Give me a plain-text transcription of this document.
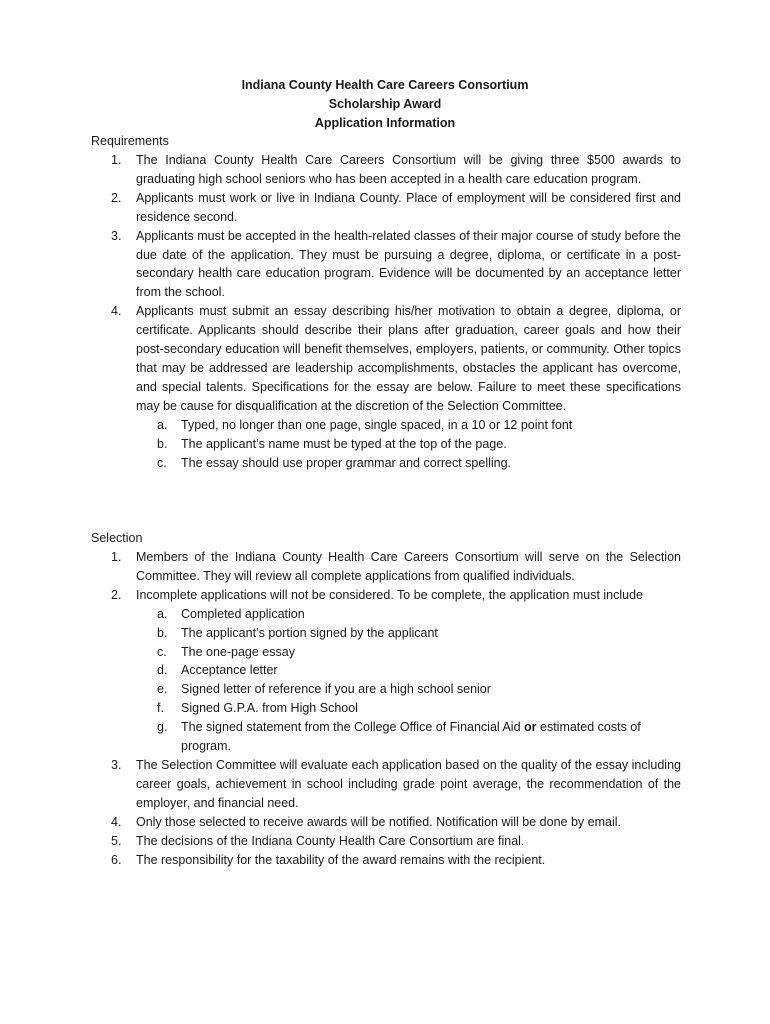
Indiana County Health Care Careers Consortium
Scholarship Award
Application Information
Requirements
1. The Indiana County Health Care Careers Consortium will be giving three $500 awards to graduating high school seniors who has been accepted in a health care education program.
2. Applicants must work or live in Indiana County. Place of employment will be considered first and residence second.
3. Applicants must be accepted in the health-related classes of their major course of study before the due date of the application. They must be pursuing a degree, diploma, or certificate in a post-secondary health care education program. Evidence will be documented by an acceptance letter from the school.
4. Applicants must submit an essay describing his/her motivation to obtain a degree, diploma, or certificate. Applicants should describe their plans after graduation, career goals and how their post-secondary education will benefit themselves, employers, patients, or community. Other topics that may be addressed are leadership accomplishments, obstacles the applicant has overcome, and special talents. Specifications for the essay are below. Failure to meet these specifications may be cause for disqualification at the discretion of the Selection Committee.
a. Typed, no longer than one page, single spaced, in a 10 or 12 point font
b. The applicant’s name must be typed at the top of the page.
c. The essay should use proper grammar and correct spelling.
Selection
1. Members of the Indiana County Health Care Careers Consortium will serve on the Selection Committee. They will review all complete applications from qualified individuals.
2. Incomplete applications will not be considered. To be complete, the application must include
a. Completed application
b. The applicant’s portion signed by the applicant
c. The one-page essay
d. Acceptance letter
e. Signed letter of reference if you are a high school senior
f. Signed G.P.A. from High School
g. The signed statement from the College Office of Financial Aid or estimated costs of program.
3. The Selection Committee will evaluate each application based on the quality of the essay including career goals, achievement in school including grade point average, the recommendation of the employer, and financial need.
4. Only those selected to receive awards will be notified. Notification will be done by email.
5. The decisions of the Indiana County Health Care Consortium are final.
6. The responsibility for the taxability of the award remains with the recipient.
